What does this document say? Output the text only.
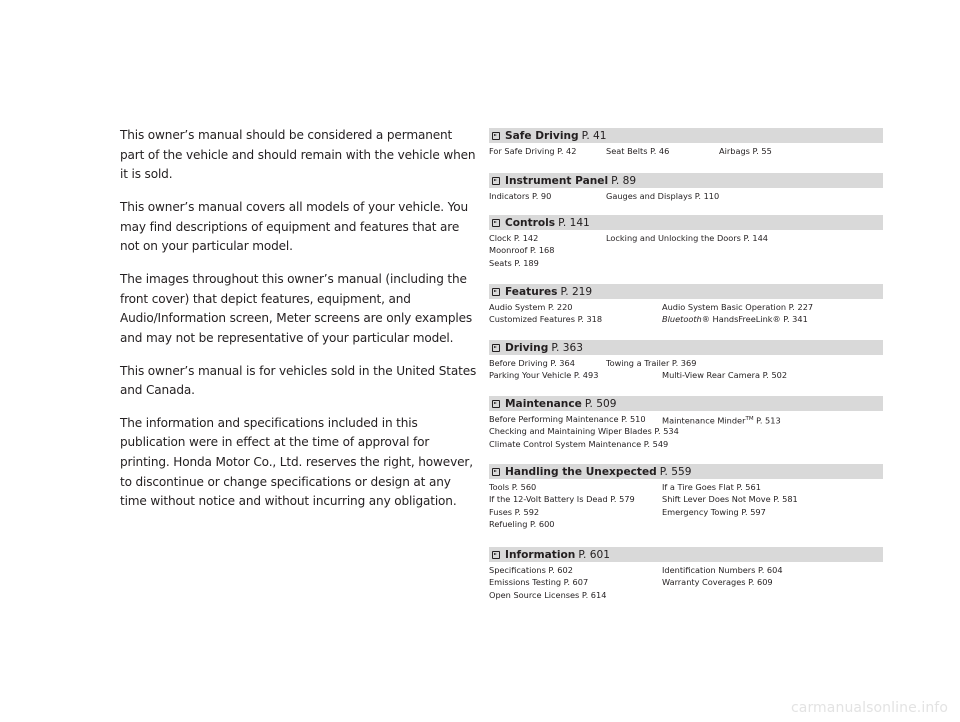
This owner’s manual should be considered a permanent part of the vehicle and should remain with the vehicle when it is sold.

This owner’s manual covers all models of your vehicle. You may find descriptions of equipment and features that are not on your particular model.

The images throughout this owner’s manual (including the front cover) that depict features, equipment, and Audio/Information screen, Meter screens are only examples and may not be representative of your particular model.

This owner’s manual is for vehicles sold in the United States and Canada.

The information and specifications included in this publication were in effect at the time of approval for printing. Honda Motor Co., Ltd. reserves the right, however, to discontinue or change specifications or design at any time without notice and without incurring any obligation.

Safe Driving P. 41
For Safe Driving P. 42	Seat Belts P. 46	Airbags P. 55
Instrument Panel P. 89
Indicators P. 90	Gauges and Displays P. 110
Controls P. 141
Clock P. 142	Locking and Unlocking the Doors P. 144
Moonroof P. 168
Seats P. 189
Features P. 219
Audio System P. 220	Audio System Basic Operation P. 227
Customized Features P. 318	Bluetooth® HandsFreeLink® P. 341
Driving P. 363
Before Driving P. 364	Towing a Trailer P. 369
Parking Your Vehicle P. 493	Multi-View Rear Camera P. 502
Maintenance P. 509
Before Performing Maintenance P. 510 Maintenance Minder™ P. 513
Checking and Maintaining Wiper Blades P. 534
Climate Control System Maintenance P. 549
Handling the Unexpected P. 559
Tools P. 560	If a Tire Goes Flat P. 561
If the 12-Volt Battery Is Dead P. 579	Shift Lever Does Not Move P. 581
Fuses P. 592	Emergency Towing P. 597
Refueling P. 600
Information P. 601
Specifications P. 602	Identification Numbers P. 604
Emissions Testing P. 607	Warranty Coverages P. 609
Open Source Licenses P. 614
carmanualsonline.info
